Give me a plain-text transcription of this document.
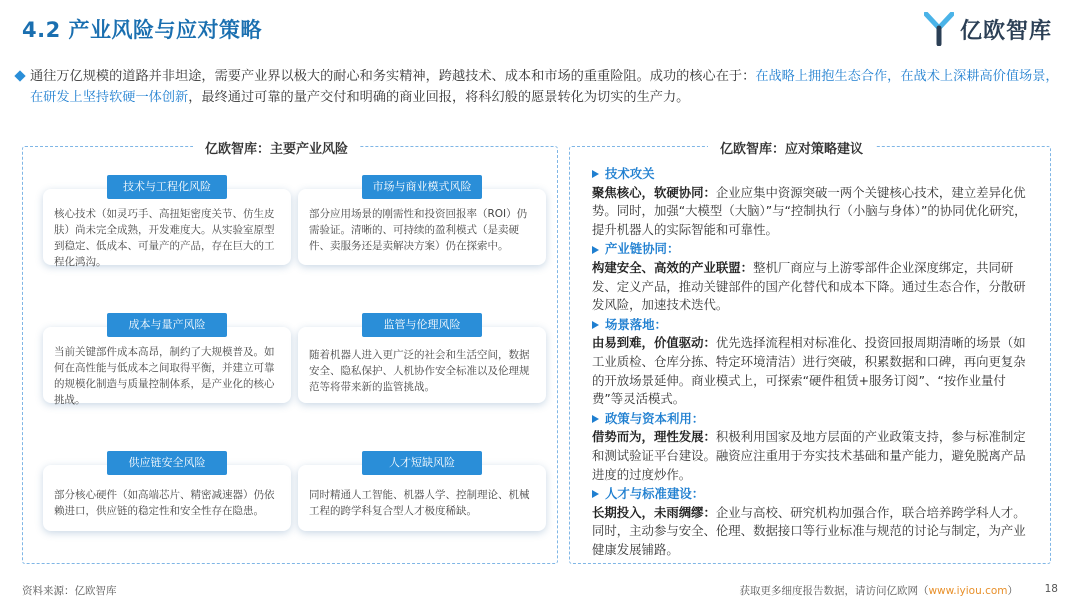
4.2 产业风险与应对策略	亿欧智库
通往万亿规模的道路并非坦途，需要产业界以极大的耐心和务实精神，跨越技术、成本和市场的重重险阻。成功的核心在于：在战略上拥抱生态合作，在战术上深耕高价值场景，在研发上坚持软硬一体创新，最终通过可靠的量产交付和明确的商业回报，将科幻般的愿景转化为切实的生产力。
亿欧智库：主要产业风险
技术与工程化风险
核心技术（如灵巧手、高扭矩密度关节、仿生皮肤）尚未完全成熟，开发难度大。从实验室原型到稳定、低成本、可量产的产品，存在巨大的工程化鸿沟。
市场与商业模式风险
部分应用场景的刚需性和投资回报率（ROI）仍需验证。清晰的、可持续的盈利模式（是卖硬件、卖服务还是卖解决方案）仍在探索中。
成本与量产风险
当前关键部件成本高昂，制约了大规模普及。如何在高性能与低成本之间取得平衡，并建立可靠的规模化制造与质量控制体系，是产业化的核心挑战。
监管与伦理风险
随着机器人进入更广泛的社会和生活空间，数据安全、隐私保护、人机协作安全标准以及伦理规范等将带来新的监管挑战。
供应链安全风险
部分核心硬件（如高端芯片、精密减速器）仍依赖进口，供应链的稳定性和安全性存在隐患。
人才短缺风险
同时精通人工智能、机器人学、控制理论、机械工程的跨学科复合型人才极度稀缺。
亿欧智库：应对策略建议
技术攻关
聚焦核心，软硬协同：企业应集中资源突破一两个关键核心技术，建立差异化优势。同时，加强“大模型（大脑）”与“控制执行（小脑与身体）”的协同优化研究，提升机器人的实际智能和可靠性。
产业链协同：
构建安全、高效的产业联盟：整机厂商应与上游零部件企业深度绑定，共同研发、定义产品，推动关键部件的国产化替代和成本下降。通过生态合作，分散研发风险，加速技术迭代。
场景落地：
由易到难，价值驱动：优先选择流程相对标准化、投资回报周期清晰的场景（如工业质检、仓库分拣、特定环境清洁）进行突破，积累数据和口碑，再向更复杂的开放场景延伸。商业模式上，可探索“硬件租赁+服务订阅”、“按作业量付费”等灵活模式。
政策与资本利用：
借势而为，理性发展：积极利用国家及地方层面的产业政策支持，参与标准制定和测试验证平台建设。融资应注重用于夯实技术基础和量产能力，避免脱离产品进度的过度炒作。
人才与标准建设：
长期投入，未雨绸缪：企业与高校、研究机构加强合作，联合培养跨学科人才。同时，主动参与安全、伦理、数据接口等行业标准与规范的讨论与制定，为产业健康发展铺路。
资料来源：亿欧智库	获取更多细度报告数据，请访问亿欧网（www.iyiou.com）	18
